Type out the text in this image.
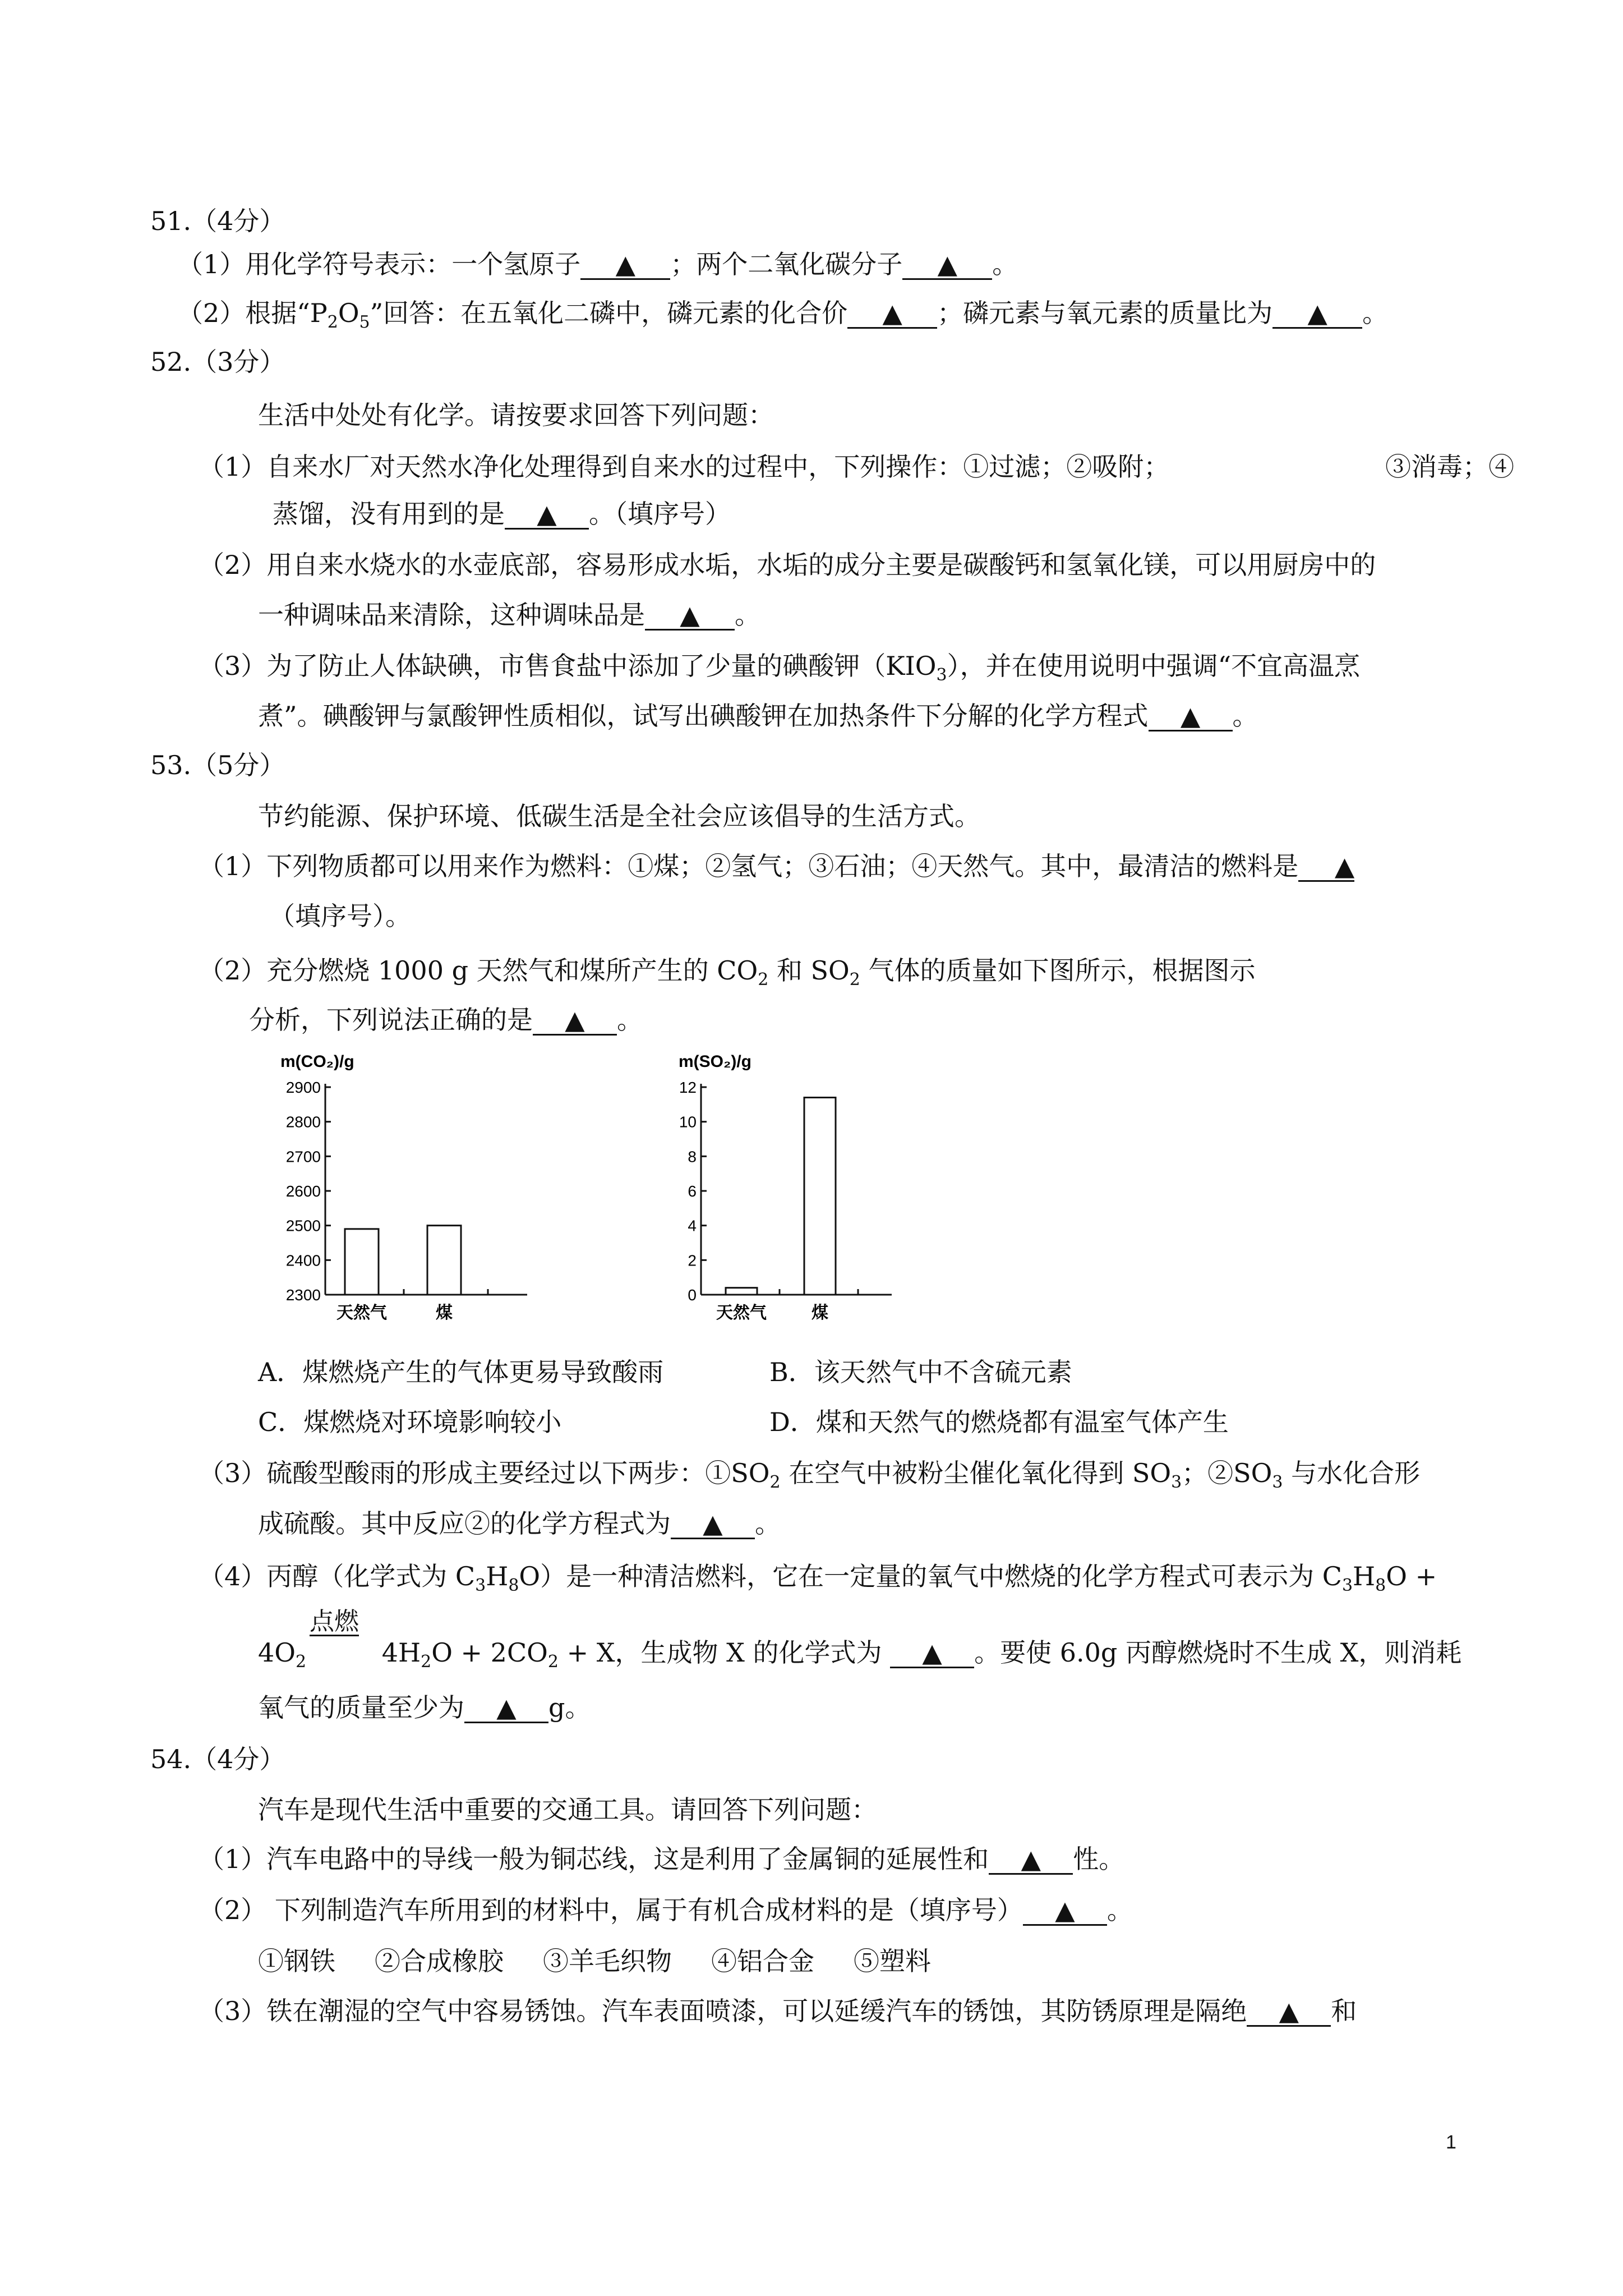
51.（4分）
（1）用化学符号表示：一个氢原子 ▲ ；两个二氧化碳分子 ▲ 。
（2）根据“$P_2O_5$”回答：在五氧化二磷中，磷元素的化合价 ▲ ；磷元素与氧元素的质量比为 ▲ 。
52.（3分）
生活中处处有化学。请按要求回答下列问题：
（1）自来水厂对天然水净化处理得到自来水的过程中，下列操作：①过滤；②吸附；	③消毒；④
蒸馏，没有用到的是 ▲ 。（填序号）
（2）用自来水烧水的水壶底部，容易形成水垢，水垢的成分主要是碳酸钙和氢氧化镁，可以用厨房中的
一种调味品来清除，这种调味品是 ▲ 。
（3）为了防止人体缺碘，市售食盐中添加了少量的碘酸钾$(KIO_3)$，并在使用说明中强调“不宜高温烹
煮”。碘酸钾与氯酸钾性质相似，试写出碘酸钾在加热条件下分解的化学方程式 ▲ 。
53.（5分）
节约能源、保护环境、低碳生活是全社会应该倡导的生活方式。
（1）下列物质都可以用来作为燃料：①煤；②氢气；③石油；④天然气。其中，最清洁的燃料是 ▲
（填序号）。
（2）充分燃烧 1000 g 天然气和煤所产生的 $CO_2$ 和 $SO_2$ 气体的质量如下图所示，根据图示
分析，下列说法正确的是 ▲ 。
m(CO₂)/g
2900
2800
2700
2600
2500
2400
2300
天然气	煤
m(SO₂)/g
12
10
8
6
4
2
0
天然气	煤
A．煤燃烧产生的气体更易导致酸雨	B．该天然气中不含硫元素
C．煤燃烧对环境影响较小	D．煤和天然气的燃烧都有温室气体产生
（3）硫酸型酸雨的形成主要经过以下两步：$①SO_2$ 在空气中被粉尘催化氧化得到 $SO_3$；$②SO_3$ 与水化合形
成硫酸。其中反应②的化学方程式为 ▲ 。
（4）丙醇（化学式为 $C_3H_8O$）是一种清洁燃料，它在一定量的氧气中燃烧的化学方程式可表示为 $C_3H_8O$ +
点燃
$4O_2$	$4H_2O + 2CO_2 + X$，生成物 X 的化学式为 ▲ 。要使 6.0g 丙醇燃烧时不生成 X，则消耗
氧气的质量至少为 ▲ g。
54.（4分）
汽车是现代生活中重要的交通工具。请回答下列问题：
（1）汽车电路中的导线一般为铜芯线，这是利用了金属铜的延展性和 ▲ 性。
（2） 下列制造汽车所用到的材料中，属于有机合成材料的是（填序号） ▲ 。
①钢铁 ②合成橡胶 ③羊毛织物 ④铝合金 ⑤塑料
（3）铁在潮湿的空气中容易锈蚀。汽车表面喷漆，可以延缓汽车的锈蚀，其防锈原理是隔绝 ▲ 和
1
